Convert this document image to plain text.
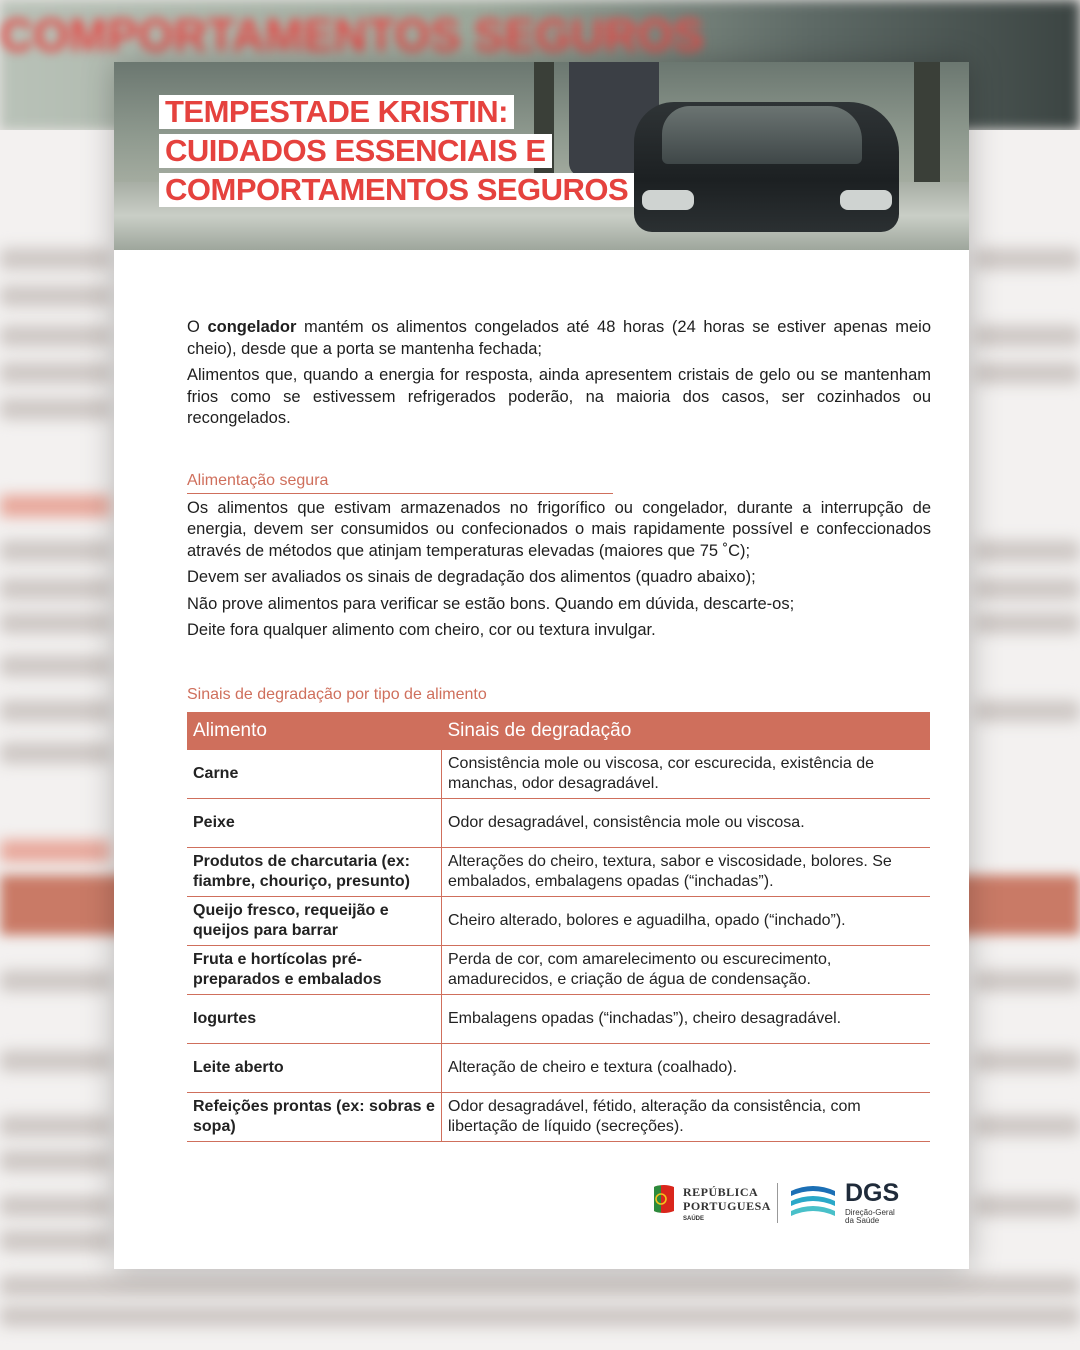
COMPORTAMENTOS SEGUROS
TEMPESTADE KRISTIN:
CUIDADOS ESSENCIAIS E
COMPORTAMENTOS SEGUROS

O congelador mantém os alimentos congelados até 48 horas (24 horas se estiver apenas meio cheio), desde que a porta se mantenha fechada;

Alimentos que, quando a energia for resposta, ainda apresentem cristais de gelo ou se mantenham frios como se estivessem refrigerados poderão, na maioria dos casos, ser cozinhados ou recongelados.

Alimentação segura

Os alimentos que estivam armazenados no frigorífico ou congelador, durante a interrupção de energia, devem ser consumidos ou confecionados o mais rapidamente possível e confeccionados através de métodos que atinjam temperaturas elevadas (maiores que 75 ˚C);

Devem ser avaliados os sinais de degradação dos alimentos (quadro abaixo);

Não prove alimentos para verificar se estão bons. Quando em dúvida, descarte-os;

Deite fora qualquer alimento com cheiro, cor ou textura invulgar.

Sinais de degradação por tipo de alimento
Alimento	Sinais de degradação
Carne	Consistência mole ou viscosa, cor escurecida, existência de manchas, odor desagradável.
Peixe	Odor desagradável, consistência mole ou viscosa.
Produtos de charcutaria (ex: fiambre, chouriço, presunto)	Alterações do cheiro, textura, sabor e viscosidade, bolores. Se embalados, embalagens opadas (“inchadas”).
Queijo fresco, requeijão e queijos para barrar	Cheiro alterado, bolores e aguadilha, opado (“inchado”).
Fruta e hortícolas pré-preparados e embalados	Perda de cor, com amarelecimento ou escurecimento, amadurecidos, e criação de água de condensação.
Iogurtes	Embalagens opadas (“inchadas”), cheiro desagradável.
Leite aberto	Alteração de cheiro e textura (coalhado).
Refeições prontas (ex: sobras e sopa)	Odor desagradável, fétido, alteração da consistência, com libertação de líquido (secreções).
REPÚBLICA
PORTUGUESA
SAÚDE
DGS
Direção-Geral
da Saúde
